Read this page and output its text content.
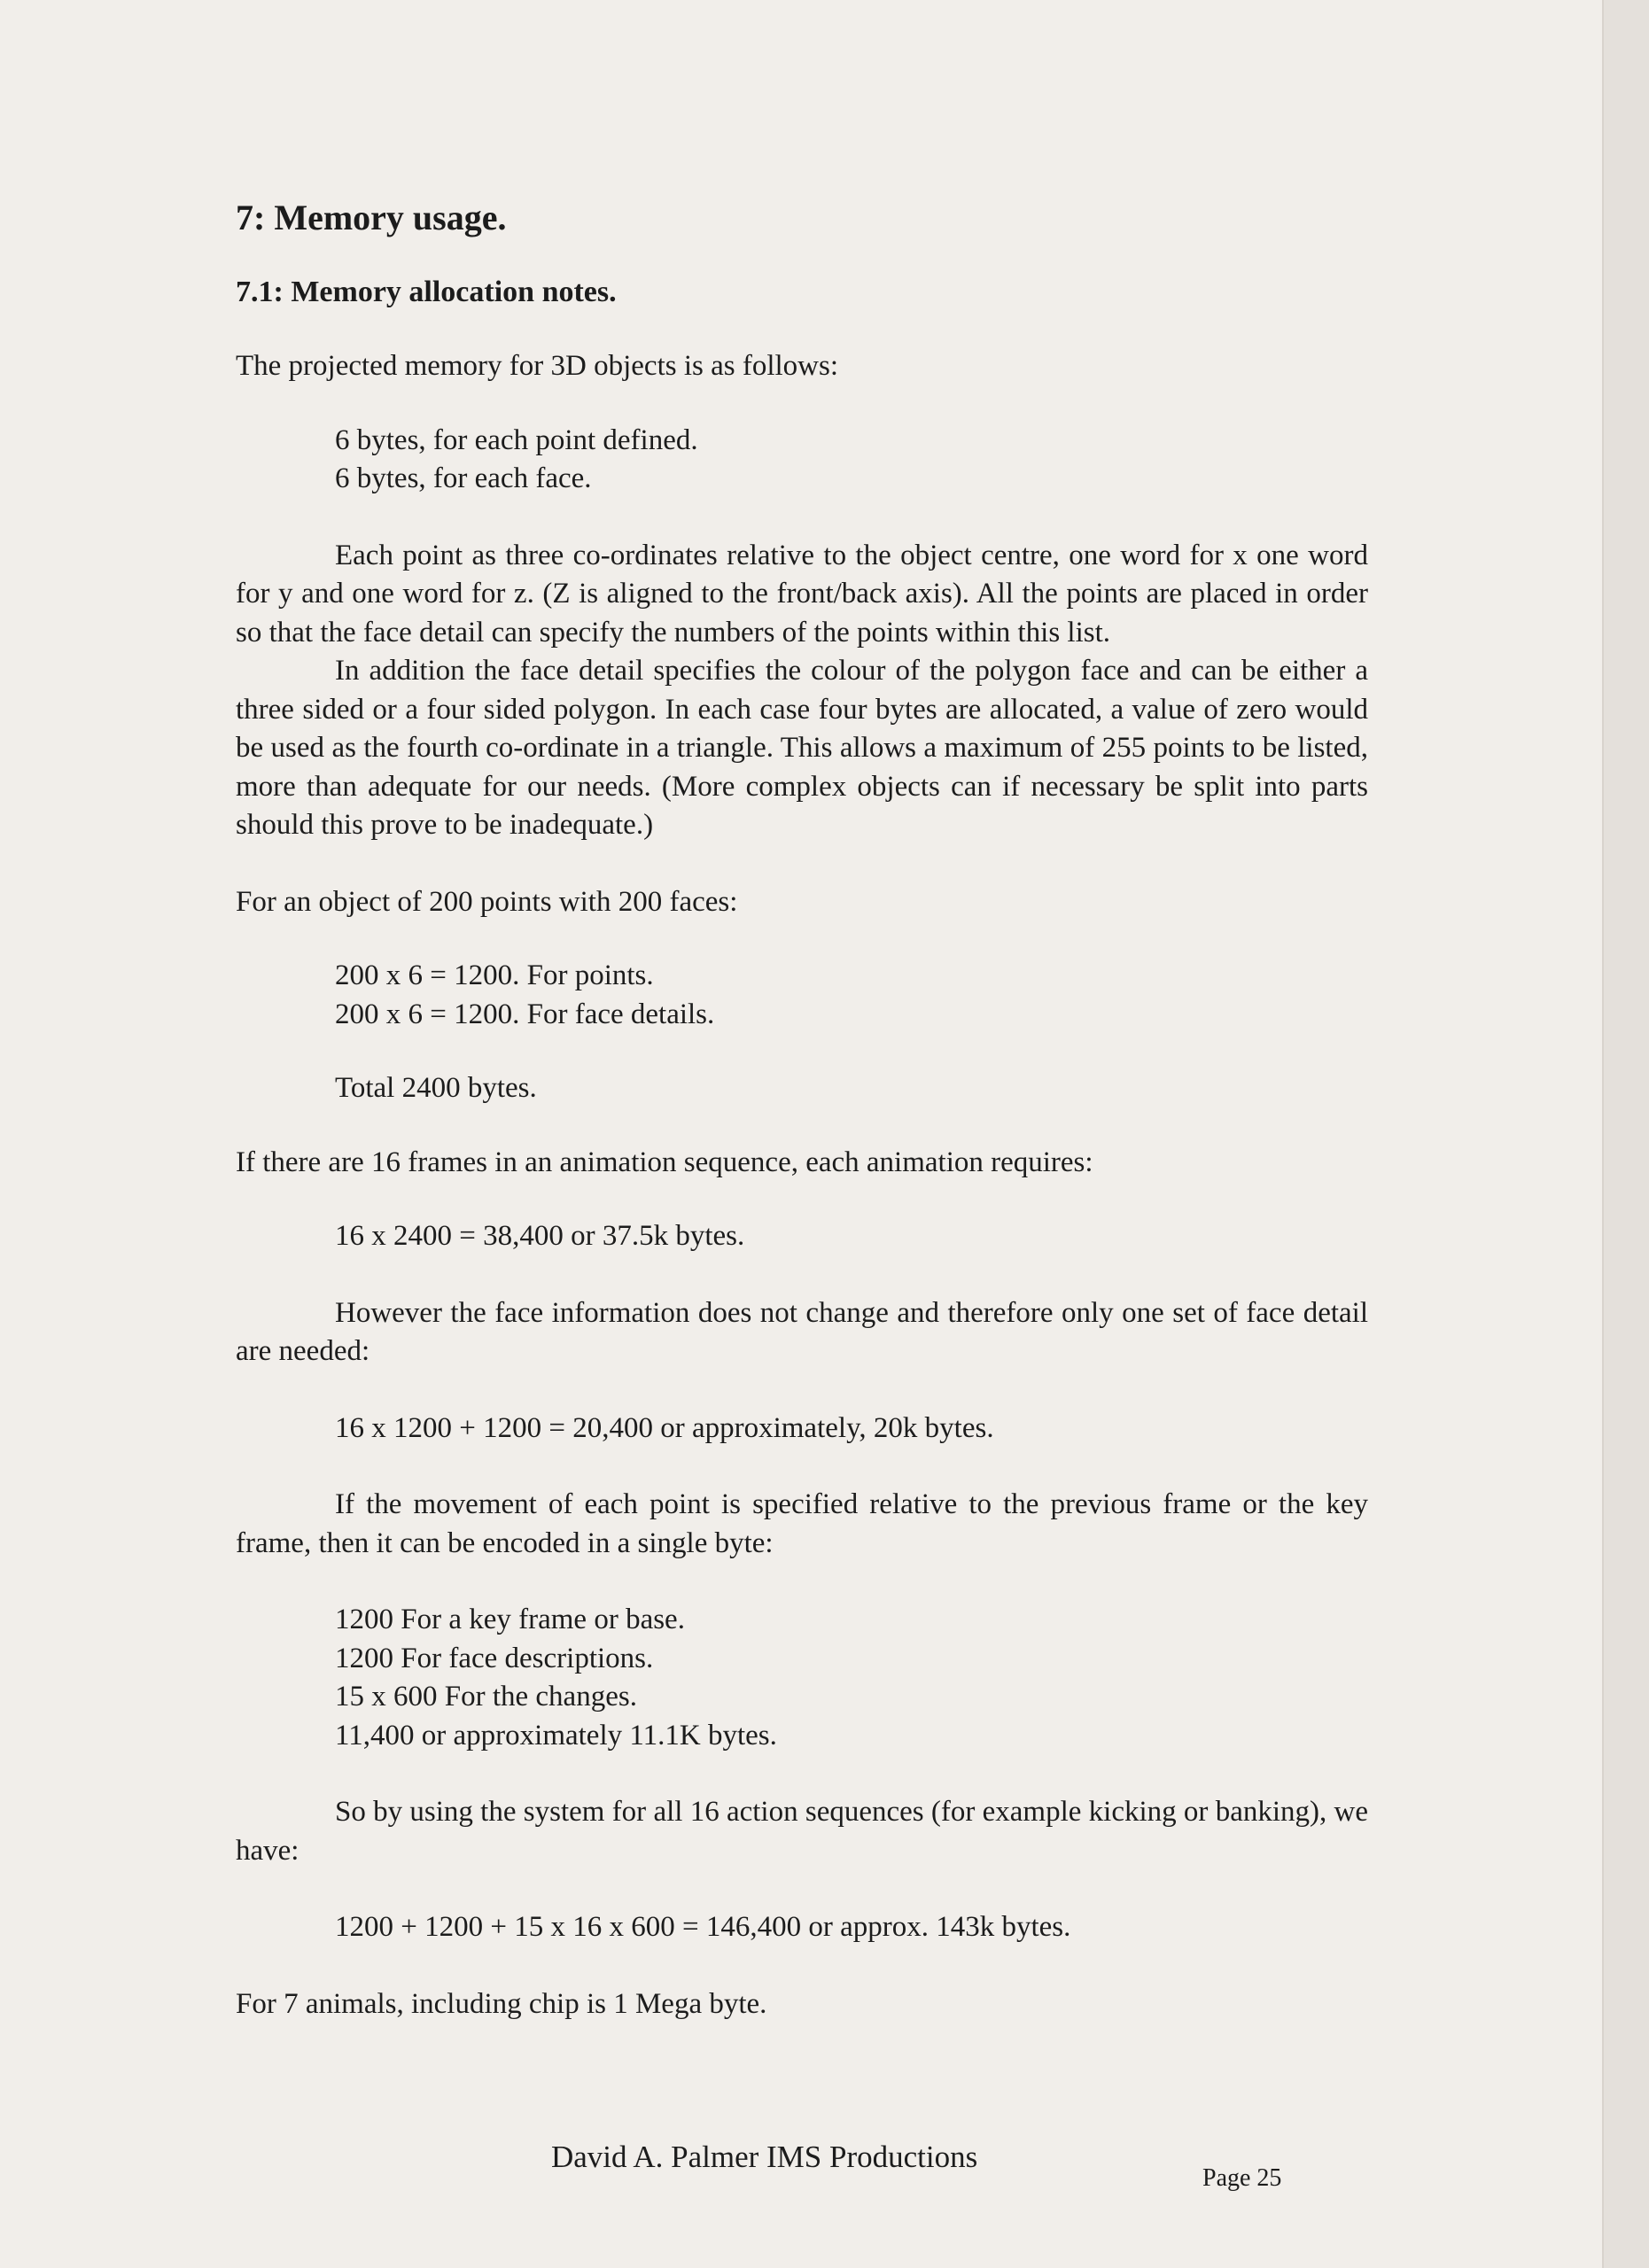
7: Memory usage.
7.1: Memory allocation notes.

The projected memory for 3D objects is as follows:

6 bytes, for each point defined.

6 bytes, for each face.

Each point as three co-ordinates relative to the object centre, one word for x one word for y and one word for z. (Z is aligned to the front/back axis). All the points are placed in order so that the face detail can specify the numbers of the points within this list.

In addition the face detail specifies the colour of the polygon face and can be either a three sided or a four sided polygon. In each case four bytes are allocated, a value of zero would be used as the fourth co-ordinate in a triangle. This allows a maximum of 255 points to be listed, more than adequate for our needs. (More complex objects can if necessary be split into parts should this prove to be inadequate.)

For an object of 200 points with 200 faces:

200 x 6 = 1200. For points.

200 x 6 = 1200. For face details.

Total 2400 bytes.

If there are 16 frames in an animation sequence, each animation requires:

16 x 2400 = 38,400 or 37.5k bytes.

However the face information does not change and therefore only one set of face detail are needed:

16 x 1200 + 1200 = 20,400 or approximately, 20k bytes.

If the movement of each point is specified relative to the previous frame or the key frame, then it can be encoded in a single byte:

1200 For a key frame or base.

1200 For face descriptions.

15 x 600 For the changes.

11,400 or approximately 11.1K bytes.

So by using the system for all 16 action sequences (for example kicking or banking), we have:

1200 + 1200 + 15 x 16 x 600 = 146,400 or approx. 143k bytes.

For 7 animals, including chip is 1 Mega byte.

David A. Palmer IMS Productions
Page 25
